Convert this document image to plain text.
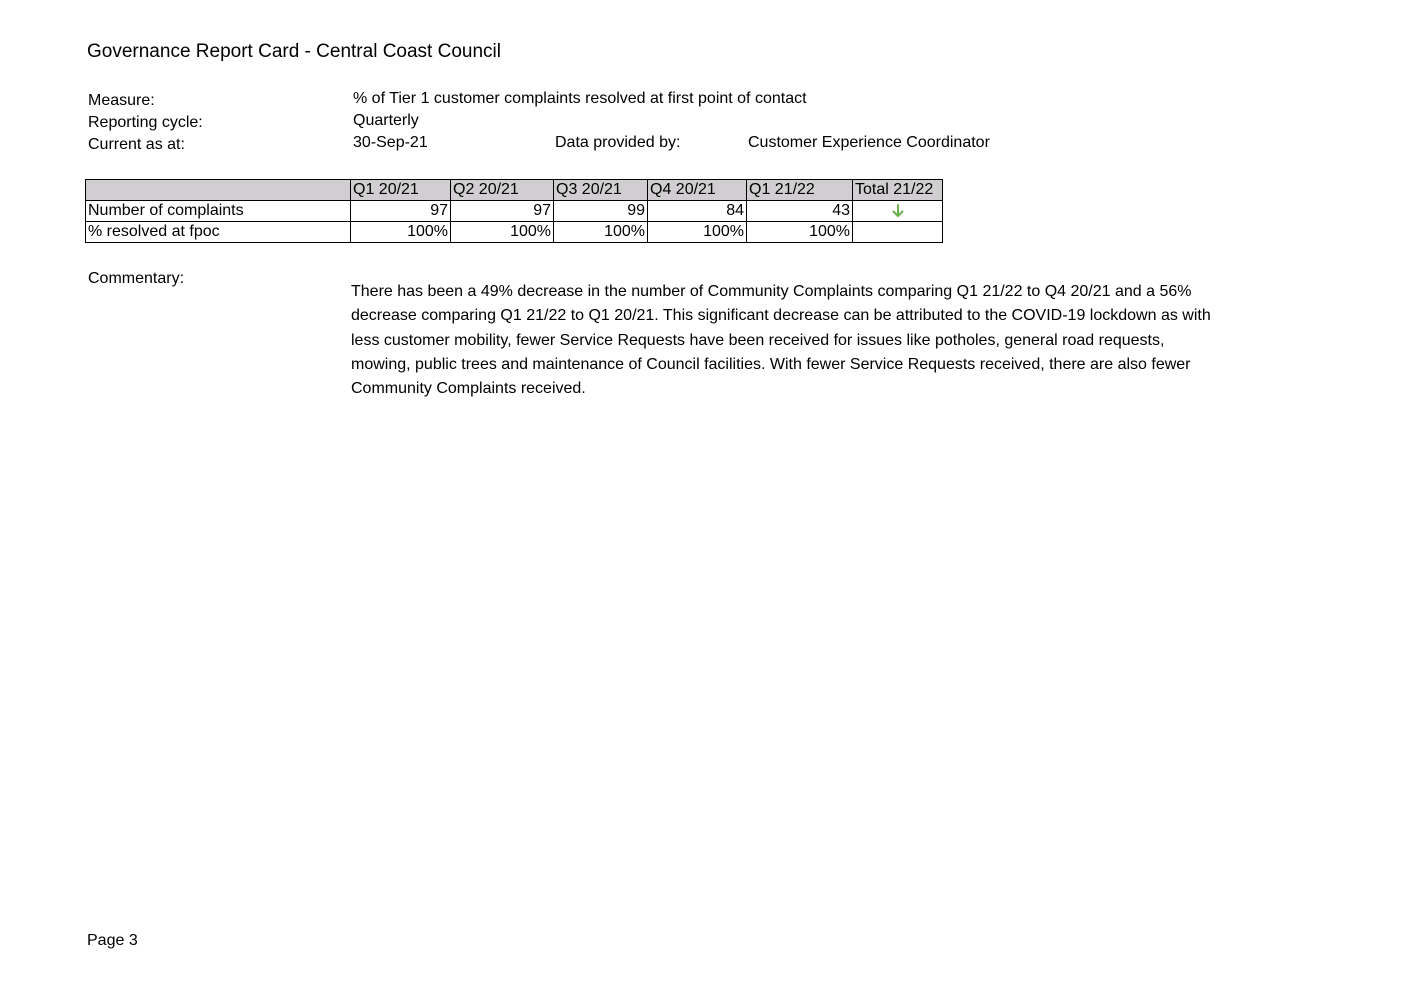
Governance Report Card - Central Coast Council
Measure:	% of Tier 1 customer complaints resolved at first point of contact
Reporting cycle:	Quarterly
Current as at:	30-Sep-21	Data provided by:	Customer Experience Coordinator
	Q1 20/21	Q2 20/21	Q3 20/21	Q4 20/21	Q1 21/22	Total 21/22
Number of complaints	97	97	99	84	43	
% resolved at fpoc	100%	100%	100%	100%	100%	
Commentary:
There has been a 49% decrease in the number of Community Complaints comparing Q1 21/22 to Q4 20/21 and a 56% decrease comparing Q1 21/22 to Q1 20/21. This significant decrease can be attributed to the COVID-19 lockdown as with less customer mobility, fewer Service Requests have been received for issues like potholes, general road requests, mowing, public trees and maintenance of Council facilities. With fewer Service Requests received, there are also fewer Community Complaints received.
Page 3
